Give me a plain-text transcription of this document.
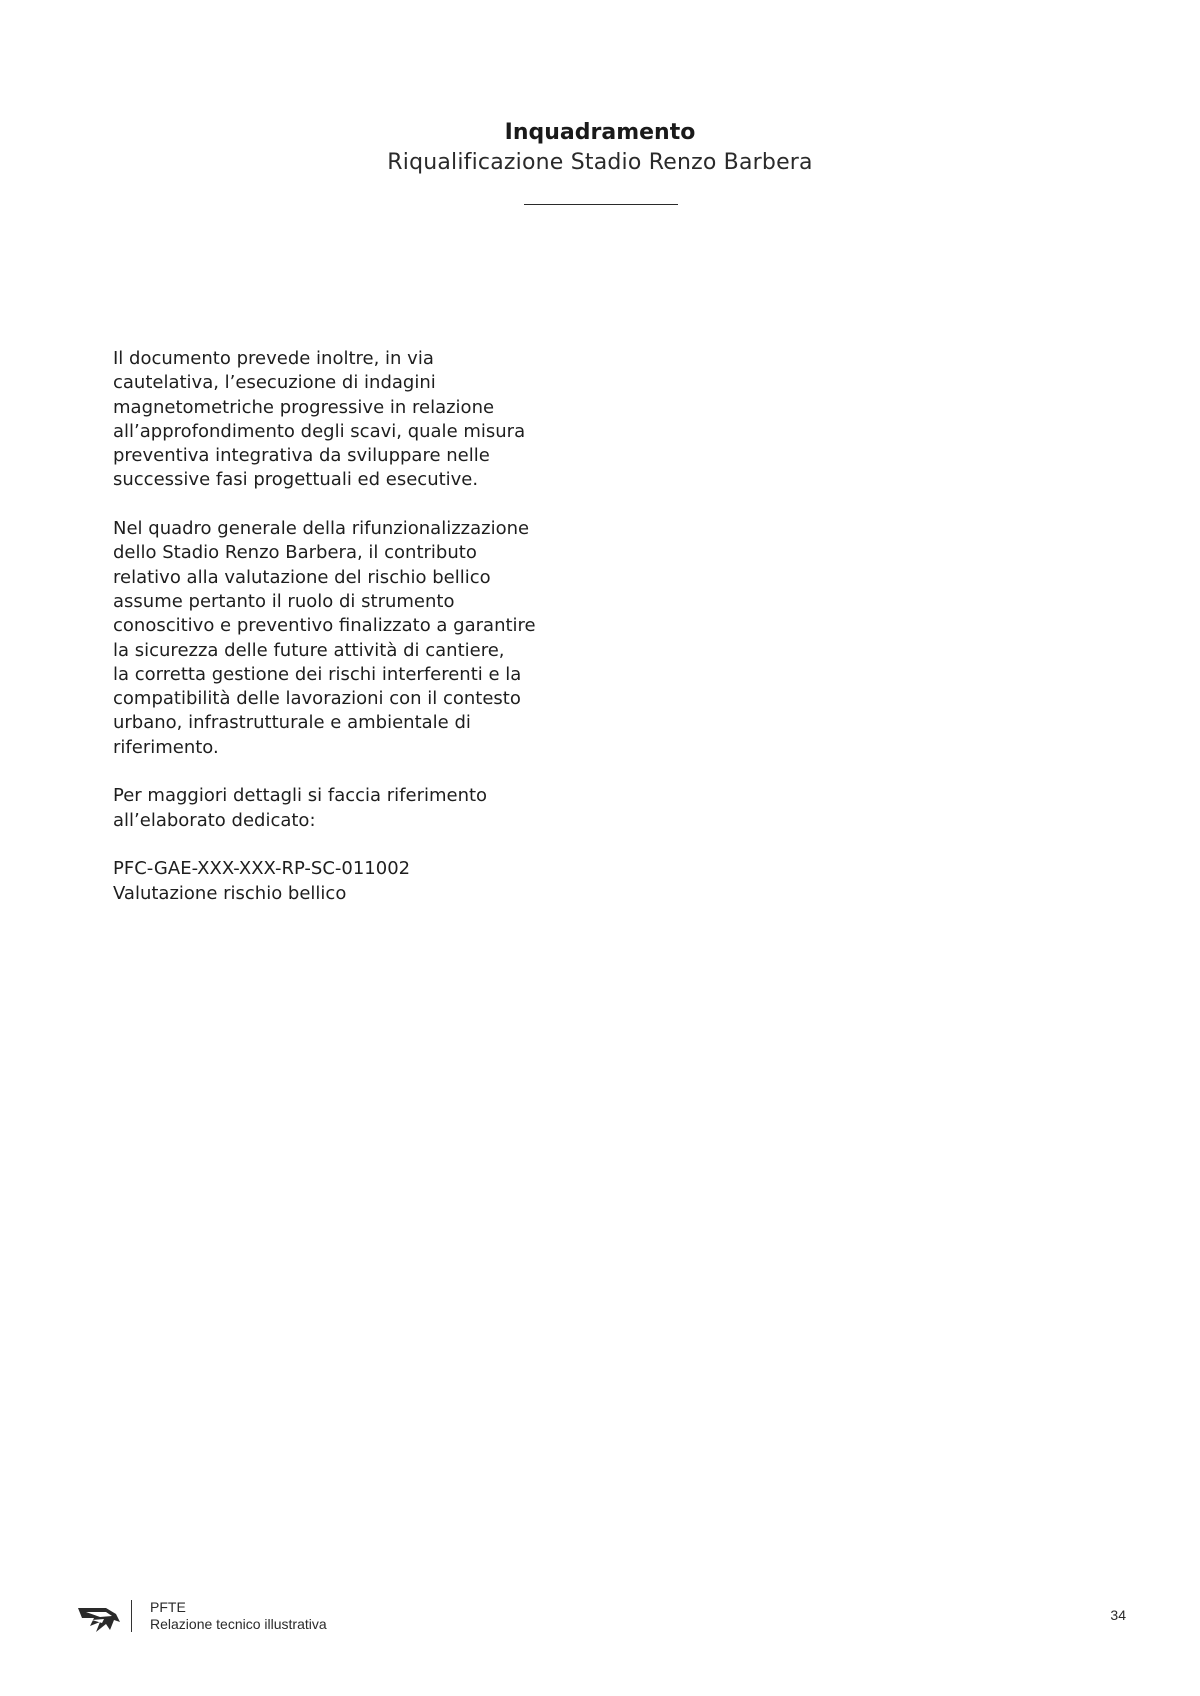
Inquadramento
Riqualificazione Stadio Renzo Barbera

Il documento prevede inoltre, in via
cautelativa, l’esecuzione di indagini
magnetometriche progressive in relazione
all’approfondimento degli scavi, quale misura
preventiva integrativa da sviluppare nelle
successive fasi progettuali ed esecutive.

Nel quadro generale della rifunzionalizzazione
dello Stadio Renzo Barbera, il contributo
relativo alla valutazione del rischio bellico
assume pertanto il ruolo di strumento
conoscitivo e preventivo finalizzato a garantire
la sicurezza delle future attività di cantiere,
la corretta gestione dei rischi interferenti e la
compatibilità delle lavorazioni con il contesto
urbano, infrastrutturale e ambientale di
riferimento.

Per maggiori dettagli si faccia riferimento
all’elaborato dedicato:

PFC-GAE-XXX-XXX-RP-SC-011002
Valutazione rischio bellico

PFTE
Relazione tecnico illustrativa
34
